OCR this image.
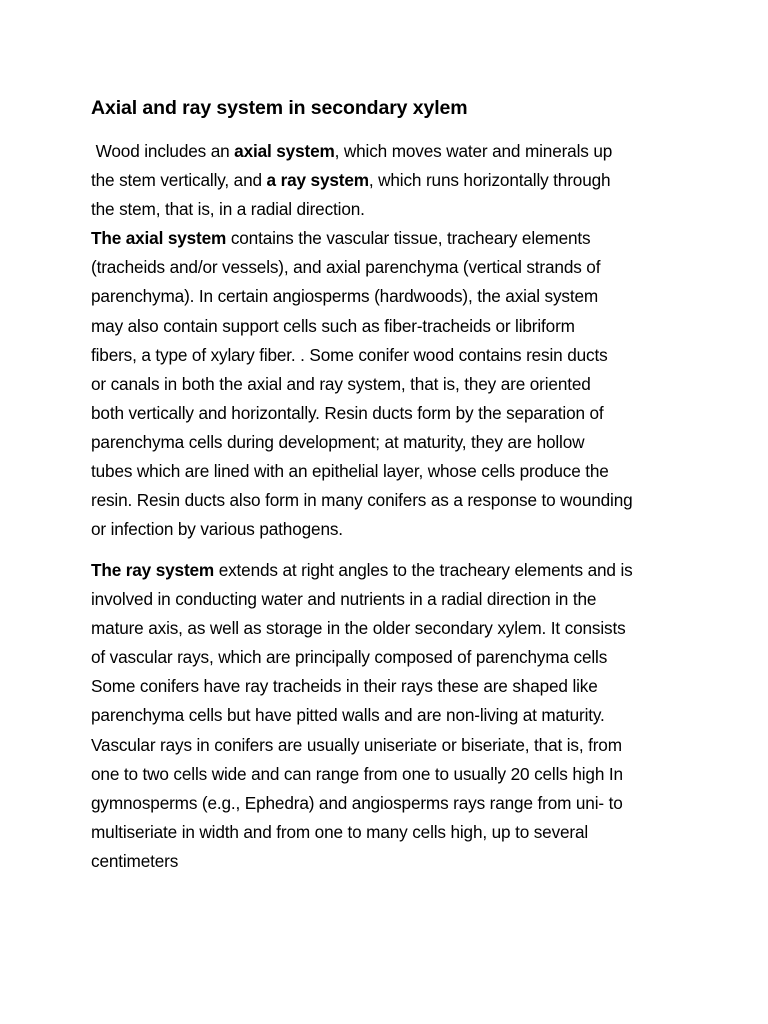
Axial and ray system in secondary xylem
Wood includes an axial system, which moves water and minerals up
the stem vertically, and a ray system, which runs horizontally through
the stem, that is, in a radial direction.
The axial system contains the vascular tissue, tracheary elements
(tracheids and/or vessels), and axial parenchyma (vertical strands of
parenchyma). In certain angiosperms (hardwoods), the axial system
may also contain support cells such as fiber-tracheids or libriform
fibers, a type of xylary fiber. . Some conifer wood contains resin ducts
or canals in both the axial and ray system, that is, they are oriented
both vertically and horizontally. Resin ducts form by the separation of
parenchyma cells during development; at maturity, they are hollow
tubes which are lined with an epithelial layer, whose cells produce the
resin. Resin ducts also form in many conifers as a response to wounding
or infection by various pathogens.
The ray system extends at right angles to the tracheary elements and is
involved in conducting water and nutrients in a radial direction in the
mature axis, as well as storage in the older secondary xylem. It consists
of vascular rays, which are principally composed of parenchyma cells
Some conifers have ray tracheids in their rays these are shaped like
parenchyma cells but have pitted walls and are non-living at maturity.
Vascular rays in conifers are usually uniseriate or biseriate, that is, from
one to two cells wide and can range from one to usually 20 cells high In
gymnosperms (e.g., Ephedra) and angiosperms rays range from uni- to
multiseriate in width and from one to many cells high, up to several
centimeters
